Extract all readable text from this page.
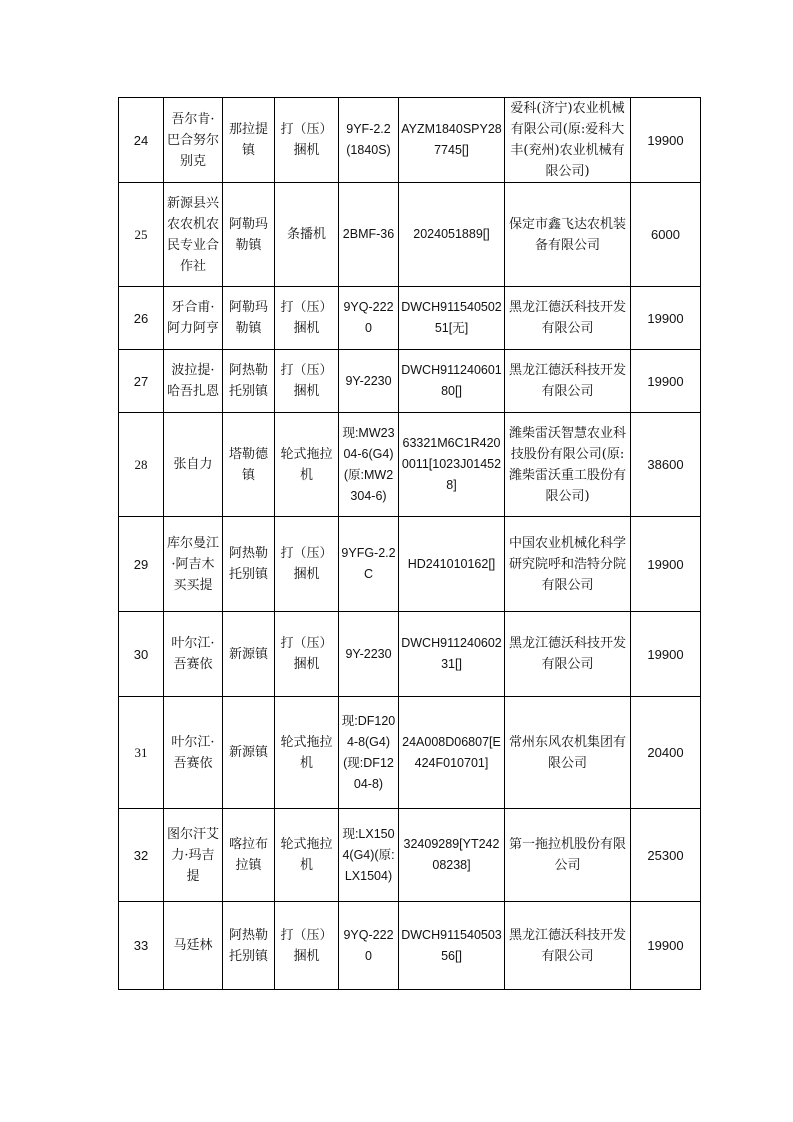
24	吾尔肯·巴合努尔别克	那拉提镇	打（压）捆机	9YF-2.2(1840S)	AYZM1840SPY287745[]	爱科(济宁)农业机械有限公司(原:爱科大丰(兖州)农业机械有限公司)	19900
25	新源县兴农农机农民专业合作社	阿勒玛勒镇	条播机	2BMF-36	2024051889[]	保定市鑫飞达农机装备有限公司	6000
26	牙合甫·阿力阿亨	阿勒玛勒镇	打（压）捆机	9YQ-2220	DWCH91154050251[无]	黑龙江德沃科技开发有限公司	19900
27	波拉提·哈吾扎恩	阿热勒托别镇	打（压）捆机	9Y-2230	DWCH91124060180[]	黑龙江德沃科技开发有限公司	19900
28	张自力	塔勒德镇	轮式拖拉机	现:MW2304-6(G4)(原:MW2304-6)	63321M6C1R4200011[1023J014528]	潍柴雷沃智慧农业科技股份有限公司(原:潍柴雷沃重工股份有限公司)	38600
29	库尔曼江·阿吉木买买提	阿热勒托别镇	打（压）捆机	9YFG-2.2C	HD241010162[]	中国农业机械化科学研究院呼和浩特分院有限公司	19900
30	叶尔江·吾赛依	新源镇	打（压）捆机	9Y-2230	DWCH91124060231[]	黑龙江德沃科技开发有限公司	19900
31	叶尔江·吾赛依	新源镇	轮式拖拉机	现:DF1204-8(G4)(现:DF1204-8)	24A008D06807[E424F010701]	常州东风农机集团有限公司	20400
32	图尔汗艾力·玛吉提	喀拉布拉镇	轮式拖拉机	现:LX1504(G4)(原:LX1504)	32409289[YT24208238]	第一拖拉机股份有限公司	25300
33	马廷林	阿热勒托别镇	打（压）捆机	9YQ-2220	DWCH91154050356[]	黑龙江德沃科技开发有限公司	19900
